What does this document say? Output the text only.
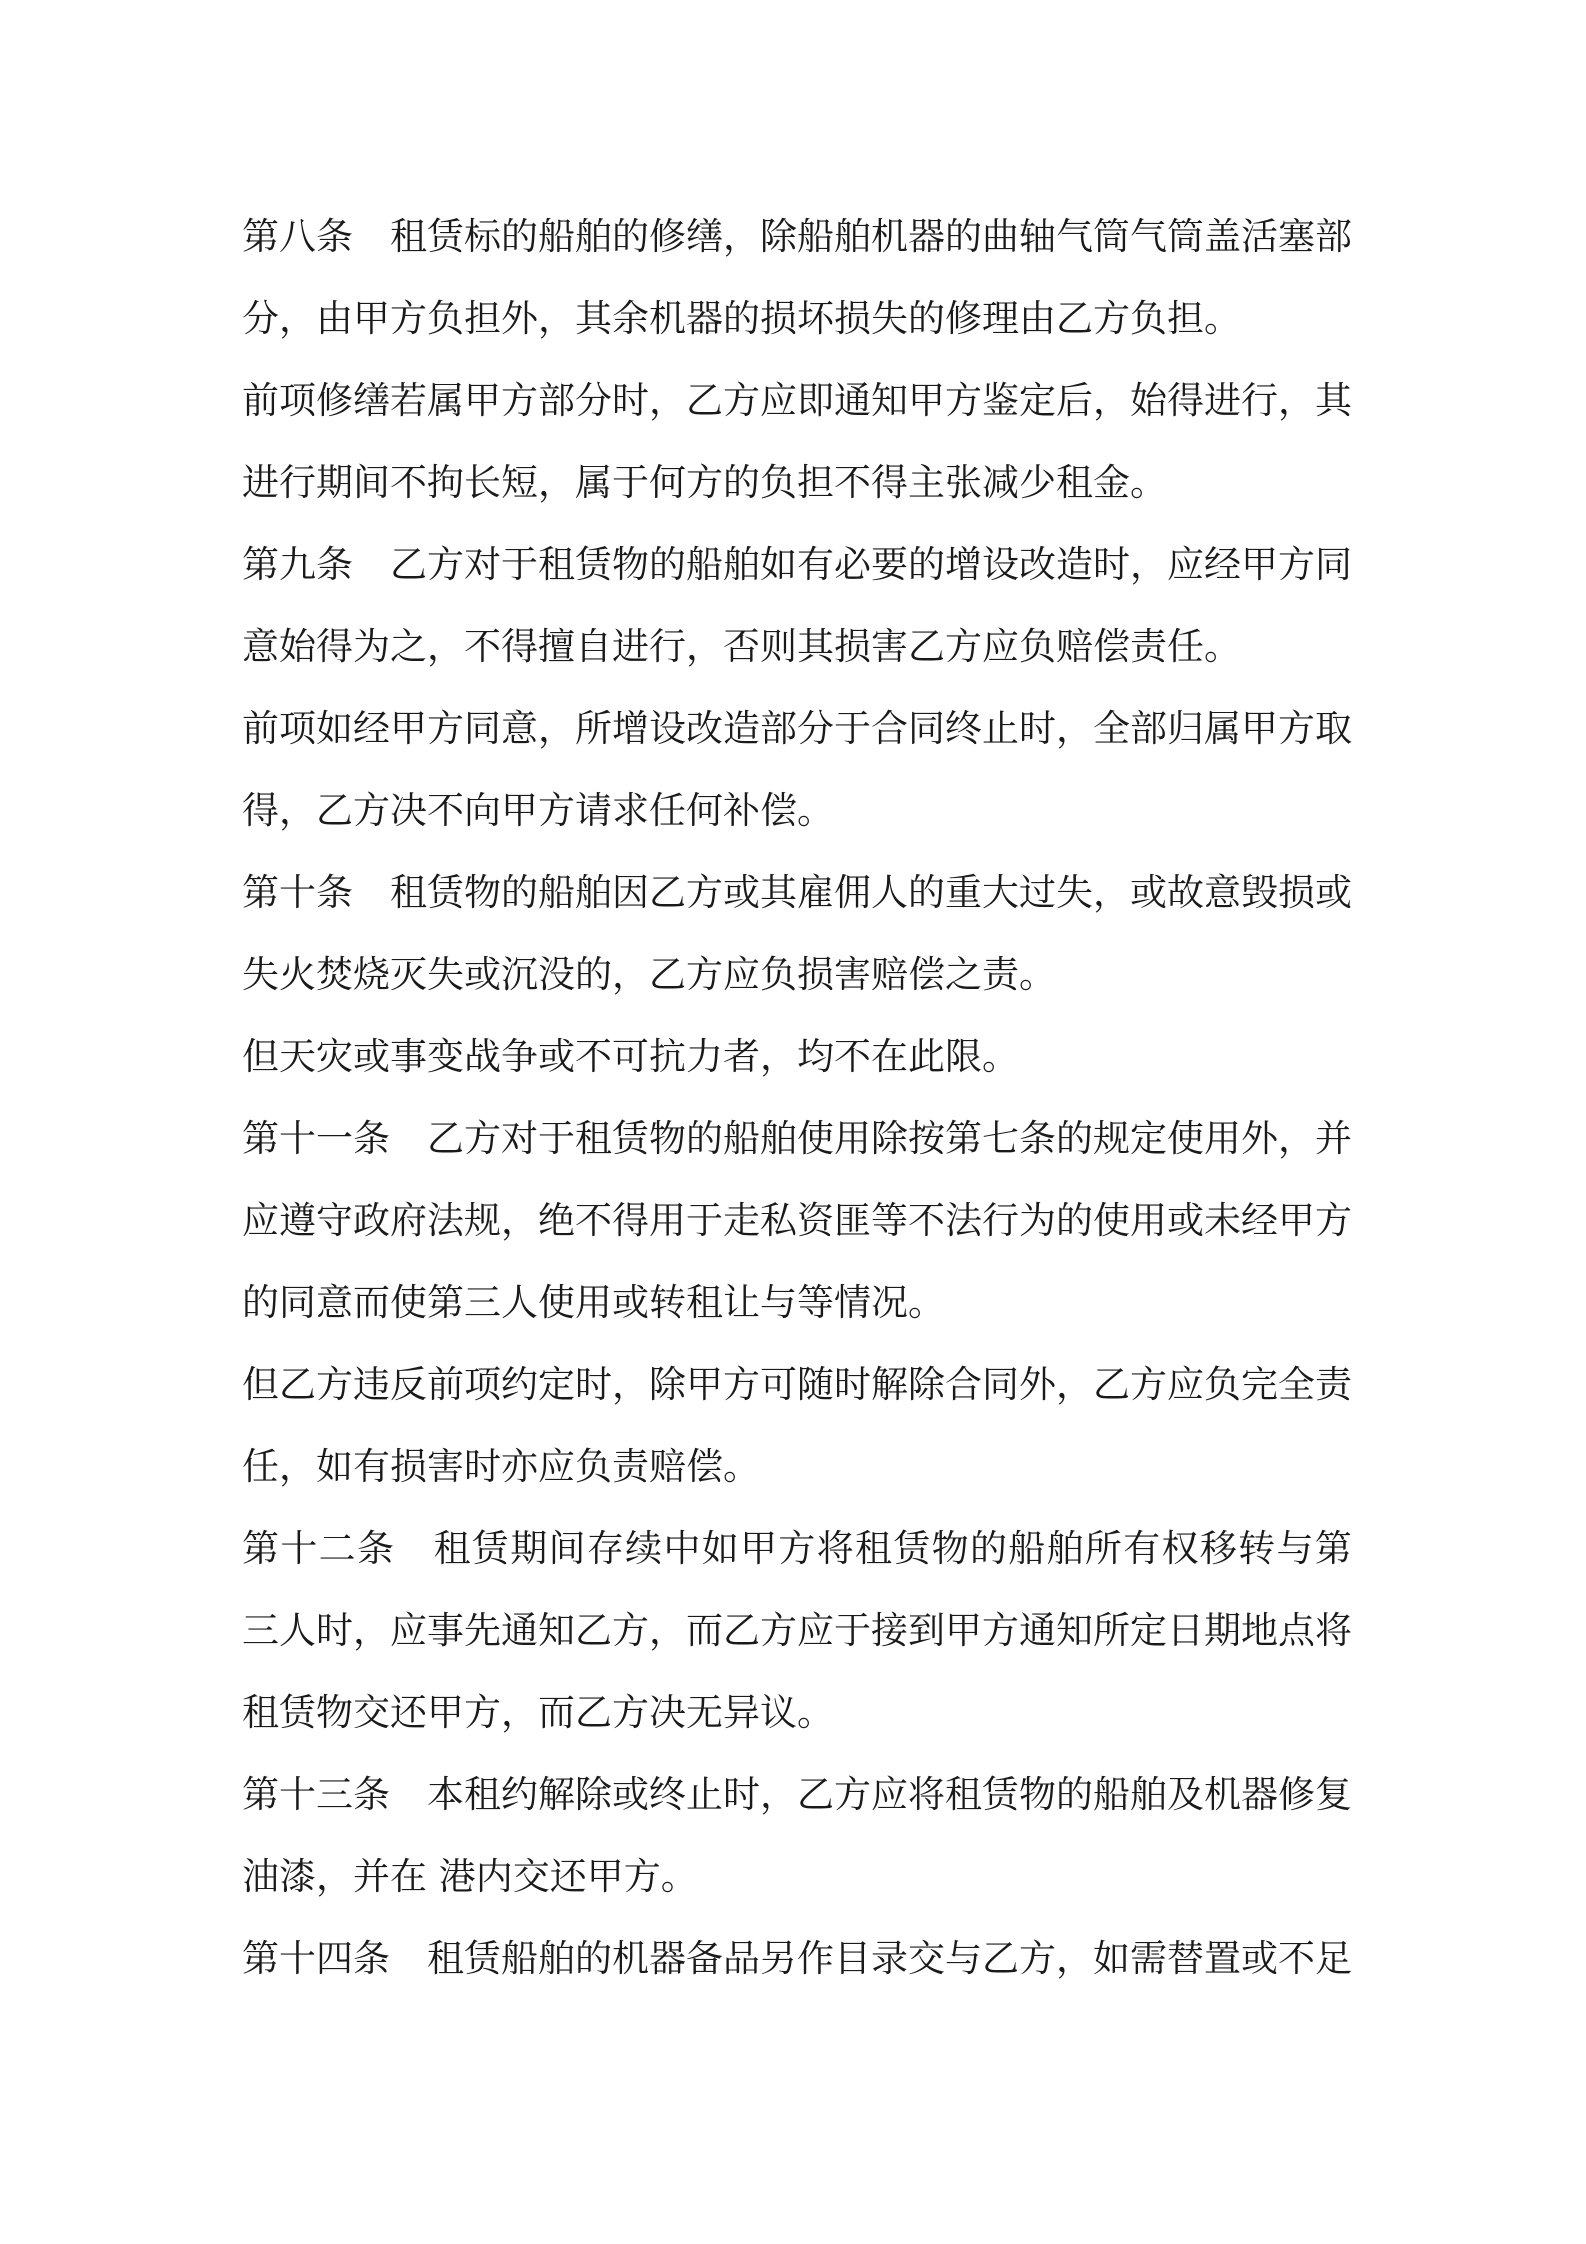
第 八 条
　 租 赁 标 的 船 舶 的 修 缮 ， 除 船 舶 机 器 的 曲 轴 气 筒 气 筒 盖 活 塞 部
分，由甲方负担外，其余机器的损坏损失的修理由乙方负担。
前 项 修 缮 若 属 甲 方 部 分 时 ， 乙 方 应 即 通 知 甲 方 鉴 定 后 ， 始 得 进 行 ， 其
进行期间不拘长短，属于何方的负担不得主张减少租金。
第 九 条
　 乙 方 对 于 租 赁 物 的 船 舶 如 有 必 要 的 增 设 改 造 时 ， 应 经 甲 方 同
意始得为之，不得擅自进行，否则其损害乙方应负赔偿责任。
前 项 如 经 甲 方 同 意 ， 所 增 设 改 造 部 分 于 合 同 终 止 时 ， 全 部 归 属 甲 方 取
得，乙方决不向甲方请求任何补偿。
第 十 条
　 租 赁 物 的 船 舶 因 乙 方 或 其 雇 佣 人 的 重 大 过 失 ， 或 故 意 毁 损 或
失火焚烧灭失或沉没的，乙方应负损害赔偿之责。
但天灾或事变战争或不可抗力者，均不在此限。
第 十 一 条
　 乙 方 对 于 租 赁 物 的 船 舶 使 用 除 按 第 七 条 的 规 定 使 用 外 ， 并
应 遵 守 政 府 法 规 ， 绝 不 得 用 于 走 私 资 匪 等 不 法 行 为 的 使 用 或 未 经 甲 方
的同意而使第三人使用或转租让与等情况。
但 乙 方 违 反 前 项 约 定 时 ， 除 甲 方 可 随 时 解 除 合 同 外 ， 乙 方 应 负 完 全 责
任，如有损害时亦应负责赔偿。
第 十 二 条
　 租 赁 期 间 存 续 中 如 甲 方 将 租 赁 物 的 船 舶 所 有 权 移 转 与 第
三 人 时 ， 应 事 先 通 知 乙 方 ， 而 乙 方 应 于 接 到 甲 方 通 知 所 定 日 期 地 点 将
租赁物交还甲方，而乙方决无异议。
第 十 三 条
　 本 租 约 解 除 或 终 止 时 ， 乙 方 应 将 租 赁 物 的 船 舶 及 机 器 修 复
油漆，并在 港内交还甲方。
第 十 四 条
　 租 赁 船 舶 的 机 器 备 品 另 作 目 录 交 与 乙 方 ， 如 需 替 置 或 不 足
